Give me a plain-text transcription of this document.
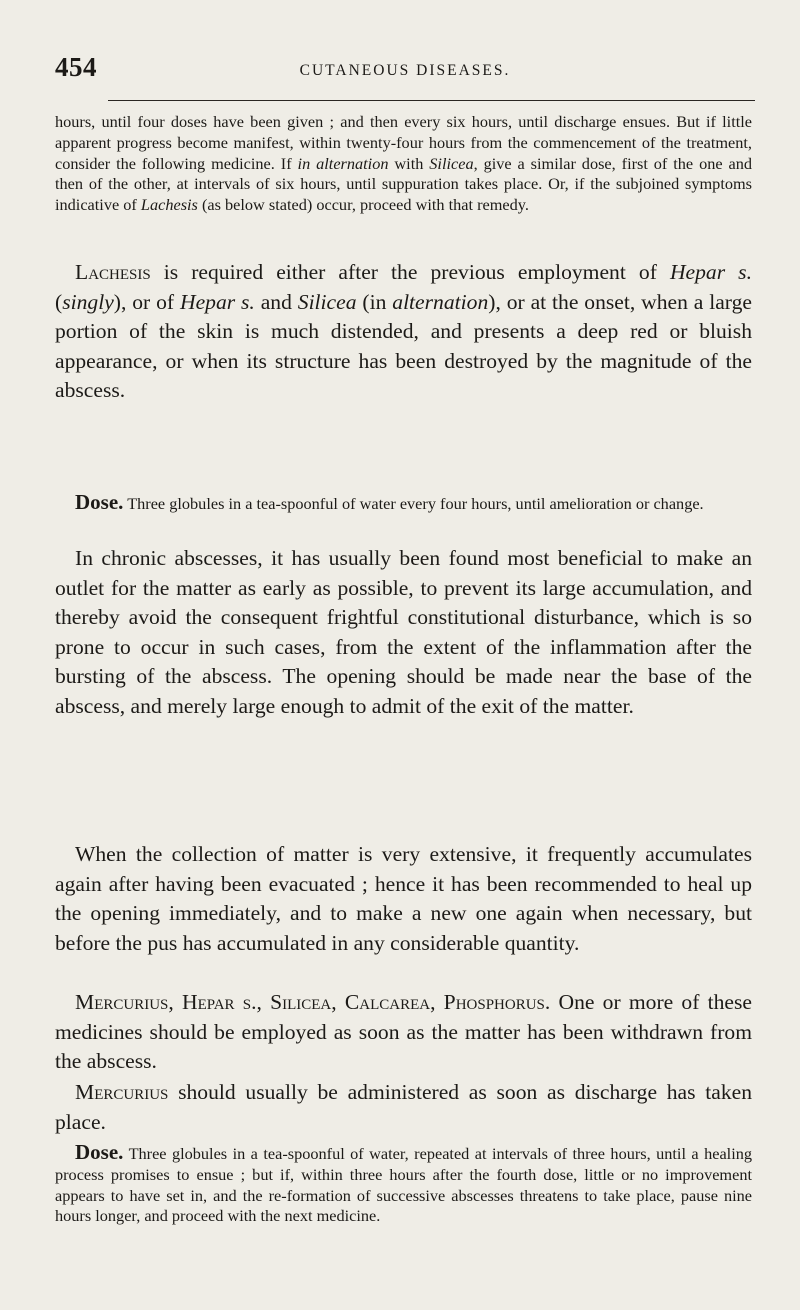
454	CUTANEOUS DISEASES.

hours, until four doses have been given ; and then every six hours, until discharge ensues. But if little apparent progress become manifest, within twenty-four hours from the commencement of the treatment, consider the following medicine. If in alternation with Silicea, give a similar dose, first of the one and then of the other, at intervals of six hours, until suppuration takes place. Or, if the subjoined symptoms indicative of Lachesis (as below stated) occur, proceed with that remedy.

Lachesis is required either after the previous employment of Hepar s. (singly), or of Hepar s. and Silicea (in alternation), or at the onset, when a large portion of the skin is much distended, and presents a deep red or bluish appearance, or when its structure has been destroyed by the magnitude of the abscess.

Dose. Three globules in a tea-spoonful of water every four hours, until amelioration or change.

In chronic abscesses, it has usually been found most beneficial to make an outlet for the matter as early as possible, to prevent its large accumulation, and thereby avoid the consequent frightful constitutional disturbance, which is so prone to occur in such cases, from the extent of the inflammation after the bursting of the abscess. The opening should be made near the base of the abscess, and merely large enough to admit of the exit of the matter.

When the collection of matter is very extensive, it frequently accumulates again after having been evacuated ; hence it has been recommended to heal up the opening immediately, and to make a new one again when necessary, but before the pus has accumulated in any considerable quantity.

Mercurius, Hepar s., Silicea, Calcarea, Phosphorus. One or more of these medicines should be employed as soon as the matter has been withdrawn from the abscess.

Mercurius should usually be administered as soon as discharge has taken place.

Dose. Three globules in a tea-spoonful of water, repeated at intervals of three hours, until a healing process promises to ensue ; but if, within three hours after the fourth dose, little or no improvement appears to have set in, and the re-formation of successive abscesses threatens to take place, pause nine hours longer, and proceed with the next medicine.
